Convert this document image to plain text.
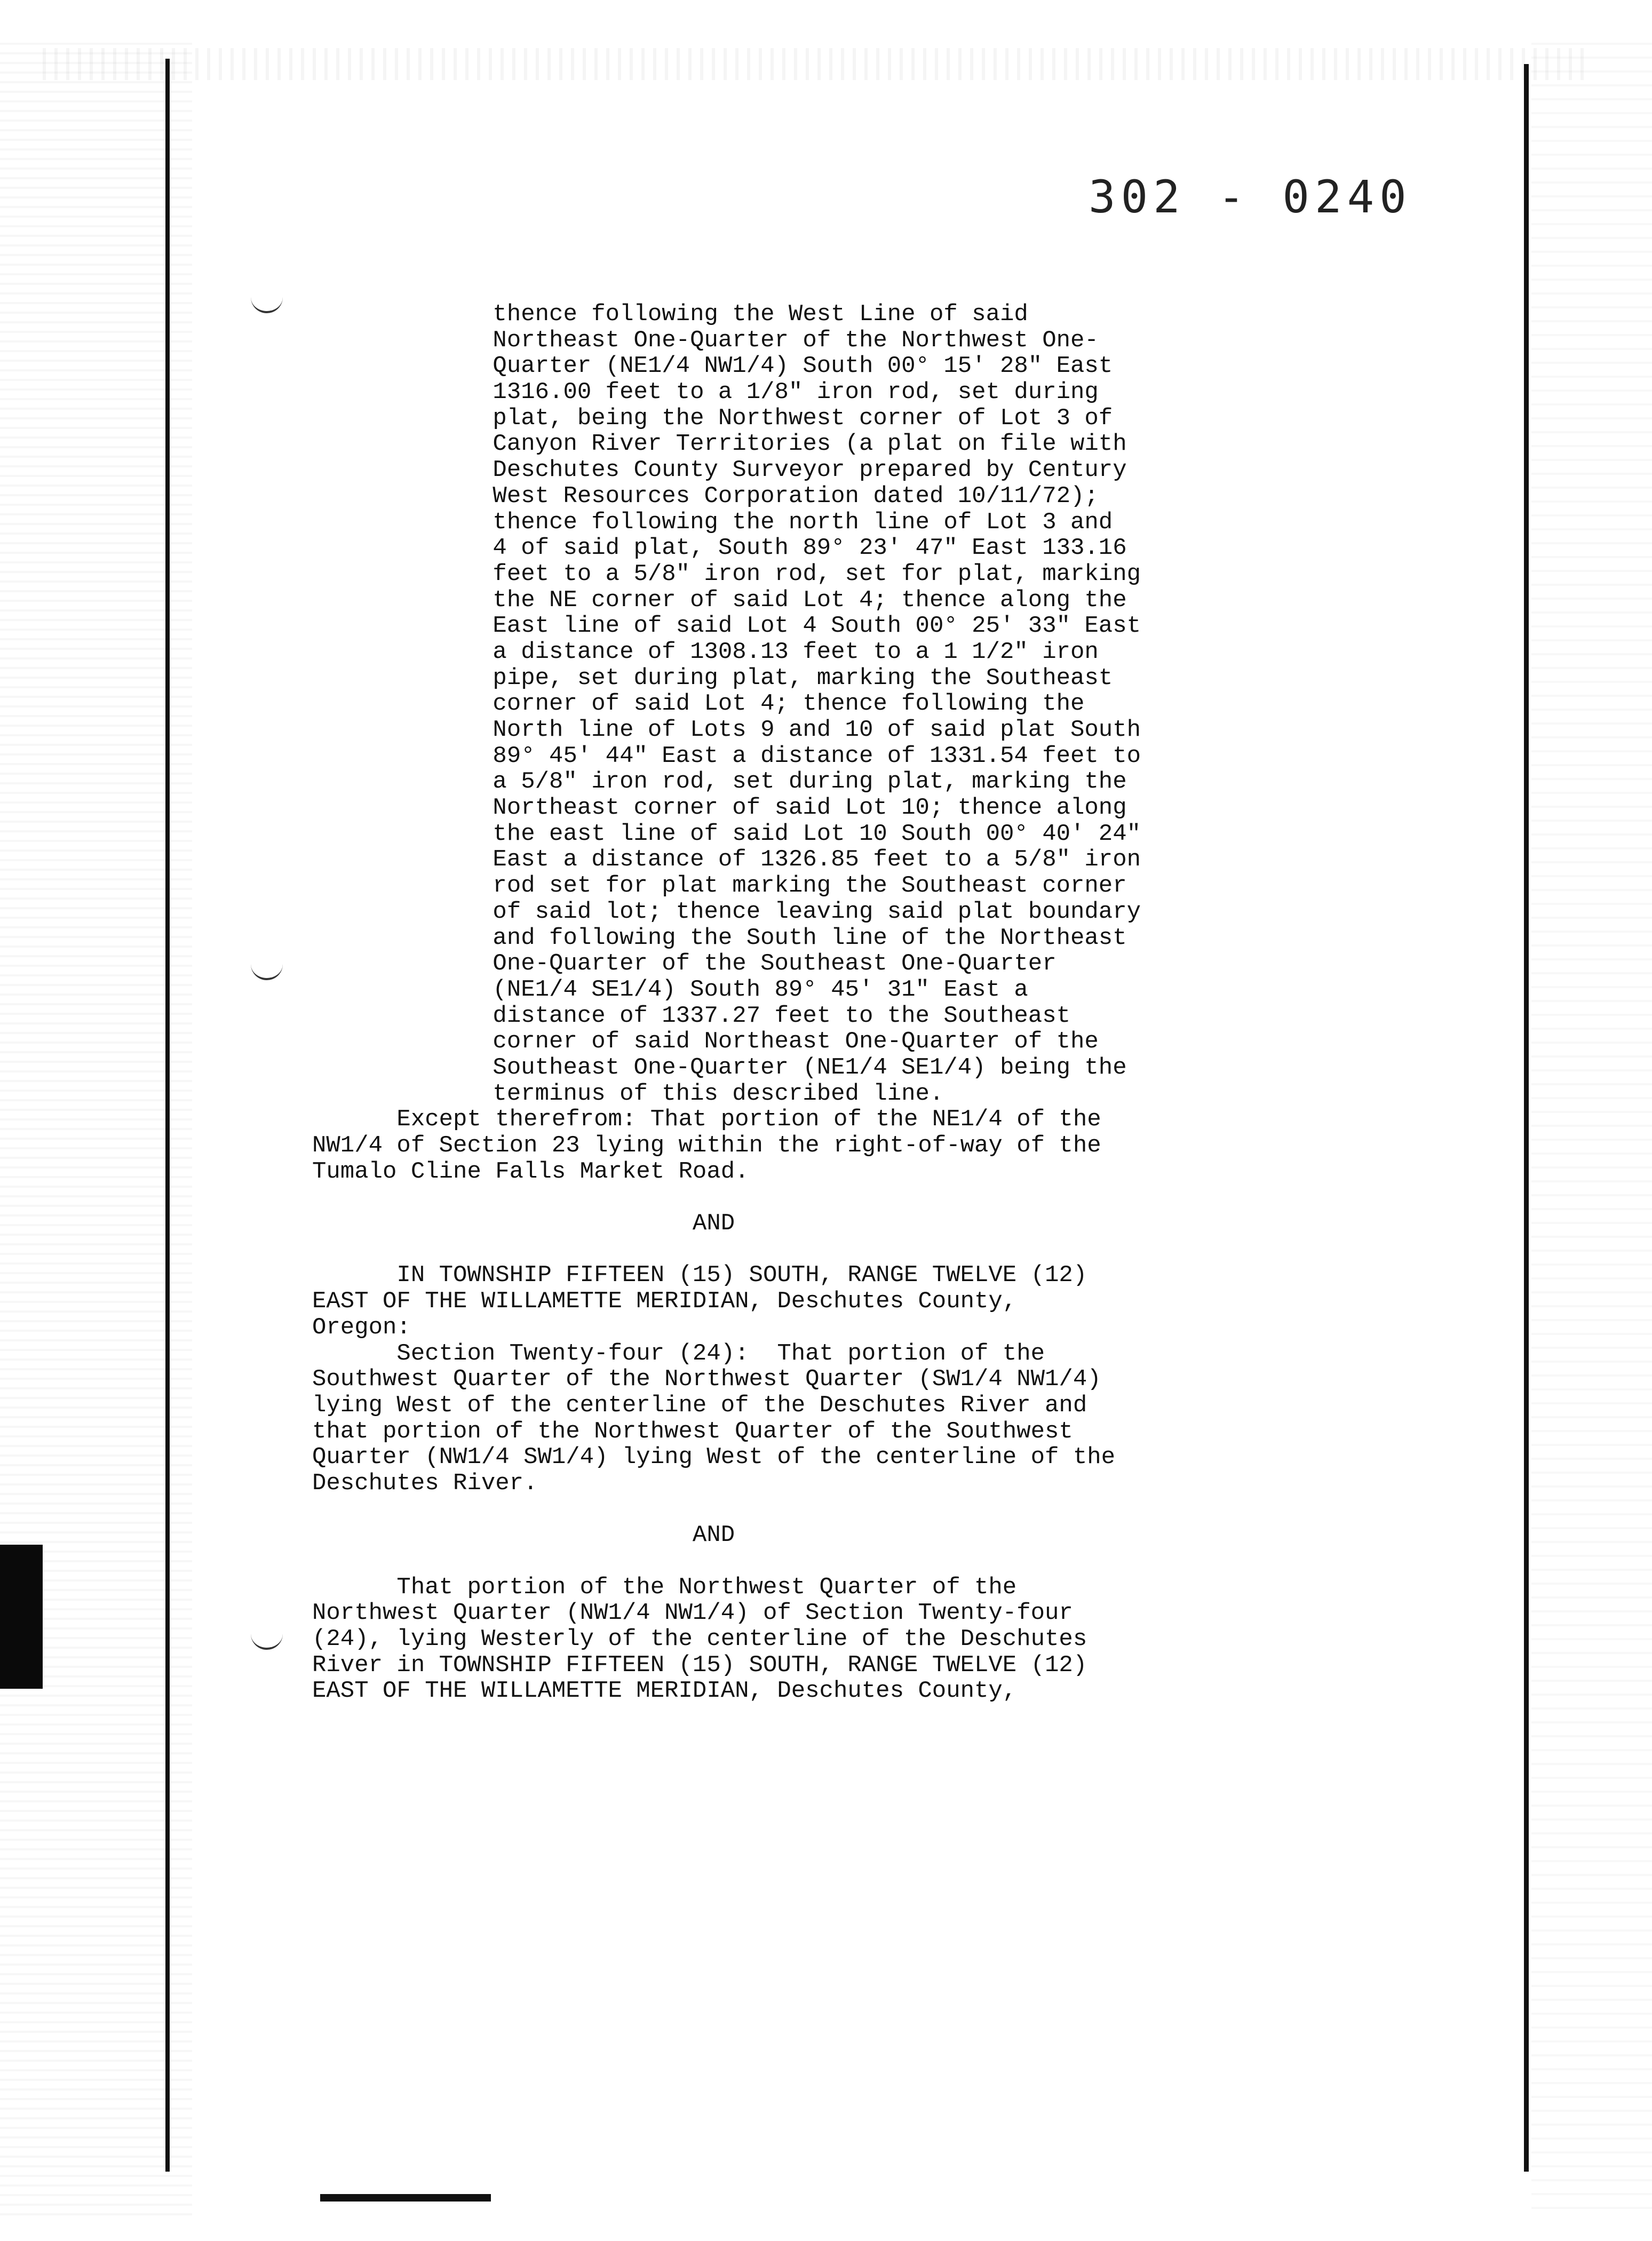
302 - 0240
thence following the West Line of said
Northeast One-Quarter of the Northwest One-
Quarter (NE1/4 NW1/4) South 00° 15' 28" East
1316.00 feet to a 1/8" iron rod, set during
plat, being the Northwest corner of Lot 3 of
Canyon River Territories (a plat on file with
Deschutes County Surveyor prepared by Century
West Resources Corporation dated 10/11/72);
thence following the north line of Lot 3 and
4 of said plat, South 89° 23' 47" East 133.16
feet to a 5/8" iron rod, set for plat, marking
the NE corner of said Lot 4; thence along the
East line of said Lot 4 South 00° 25' 33" East
a distance of 1308.13 feet to a 1 1/2" iron
pipe, set during plat, marking the Southeast
corner of said Lot 4; thence following the
North line of Lots 9 and 10 of said plat South
89° 45' 44" East a distance of 1331.54 feet to
a 5/8" iron rod, set during plat, marking the
Northeast corner of said Lot 10; thence along
the east line of said Lot 10 South 00° 40' 24"
East a distance of 1326.85 feet to a 5/8" iron
rod set for plat marking the Southeast corner
of said lot; thence leaving said plat boundary
and following the South line of the Northeast
One-Quarter of the Southeast One-Quarter
(NE1/4 SE1/4) South 89° 45' 31" East a
distance of 1337.27 feet to the Southeast
corner of said Northeast One-Quarter of the
Southeast One-Quarter (NE1/4 SE1/4) being the
terminus of this described line.
Except therefrom: That portion of the NE1/4 of the
NW1/4 of Section 23 lying within the right-of-way of the
Tumalo Cline Falls Market Road.
AND
IN TOWNSHIP FIFTEEN (15) SOUTH, RANGE TWELVE (12)
EAST OF THE WILLAMETTE MERIDIAN, Deschutes County,
Oregon:
Section Twenty-four (24):  That portion of the
Southwest Quarter of the Northwest Quarter (SW1/4 NW1/4)
lying West of the centerline of the Deschutes River and
that portion of the Northwest Quarter of the Southwest
Quarter (NW1/4 SW1/4) lying West of the centerline of the
Deschutes River.
AND
That portion of the Northwest Quarter of the
Northwest Quarter (NW1/4 NW1/4) of Section Twenty-four
(24), lying Westerly of the centerline of the Deschutes
River in TOWNSHIP FIFTEEN (15) SOUTH, RANGE TWELVE (12)
EAST OF THE WILLAMETTE MERIDIAN, Deschutes County,
